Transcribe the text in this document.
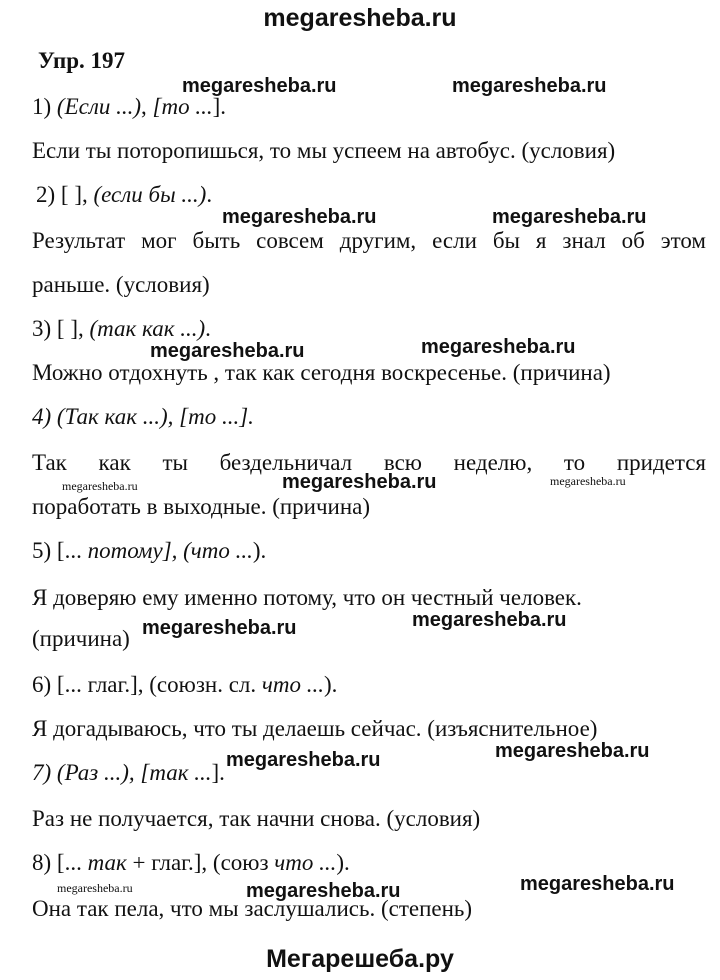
megaresheba.ru
Упр. 197
megaresheba.ru	megaresheba.ru
megaresheba.ru	megaresheba.ru
megaresheba.ru	megaresheba.ru
megaresheba.ru	megaresheba.ru	megaresheba.ru
megaresheba.ru	megaresheba.ru
megaresheba.ru	megaresheba.ru
megaresheba.ru	megaresheba.ru	megaresheba.ru
1) (Если ...), [то ...].
Если ты поторопишься, то мы успеем на автобус. (условия)
2) [ ], (если бы ...).
Результат мог быть совсем другим, если бы я знал об этом
раньше. (условия)
3) [ ], (так как ...).
Можно отдохнуть , так как сегодня воскресенье. (причина)
4) (Так как ...), [то ...].
Так как ты бездельничал всю неделю, то придется
поработать в выходные. (причина)
5) [... потому], (что ...).
Я доверяю ему именно потому, что он честный человек.
(причина)
6) [... глаг.], (союзн. сл. что ...).
Я догадываюсь, что ты делаешь сейчас. (изъяснительное)
7) (Раз ...), [так ...].
Раз не получается, так начни снова. (условия)
8) [... так + глаг.], (союз что ...).
Она так пела, что мы заслушались. (степень)
Мегарешеба.ру
